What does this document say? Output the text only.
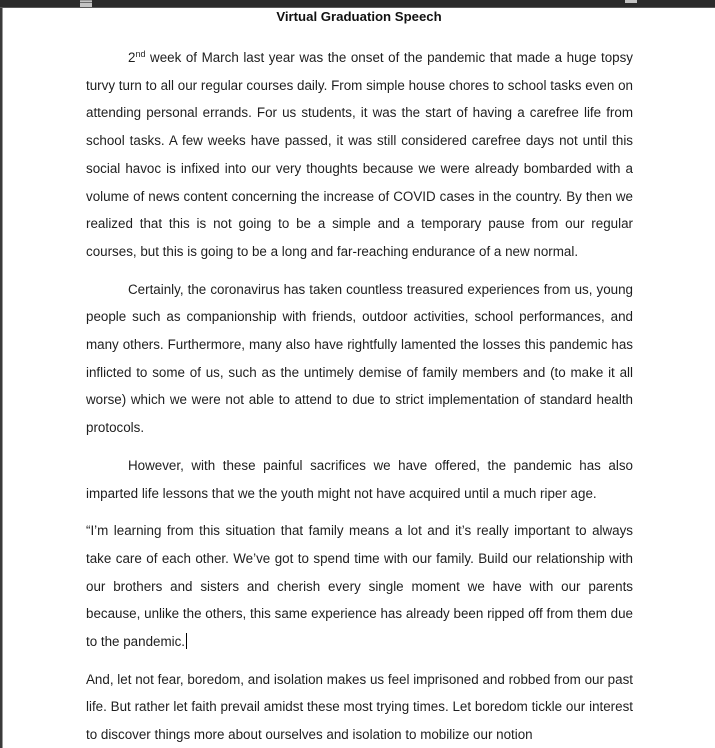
Virtual Graduation Speech

2nd week of March last year was the onset of the pandemic that made a huge topsy turvy turn to all our regular courses daily. From simple house chores to school tasks even on attending personal errands. For us students, it was the start of having a carefree life from school tasks. A few weeks have passed, it was still considered carefree days not until this social havoc is infixed into our very thoughts because we were already bombarded with a volume of news content concerning the increase of COVID cases in the country. By then we realized that this is not going to be a simple and a temporary pause from our regular courses, but this is going to be a long and far-reaching endurance of a new normal.

Certainly, the coronavirus has taken countless treasured experiences from us, young people such as companionship with friends, outdoor activities, school performances, and many others. Furthermore, many also have rightfully lamented the losses this pandemic has inflicted to some of us, such as the untimely demise of family members and (to make it all worse) which we were not able to attend to due to strict implementation of standard health protocols.

However, with these painful sacrifices we have offered, the pandemic has also imparted life lessons that we the youth might not have acquired until a much riper age.

“I’m learning from this situation that family means a lot and it’s really important to always take care of each other. We’ve got to spend time with our family. Build our relationship with our brothers and sisters and cherish every single moment we have with our parents because, unlike the others, this same experience has already been ripped off from them due to the pandemic.

And, let not fear, boredom, and isolation makes us feel imprisoned and robbed from our past life. But rather let faith prevail amidst these most trying times. Let boredom tickle our interest to discover things more about ourselves and isolation to mobilize our notion
